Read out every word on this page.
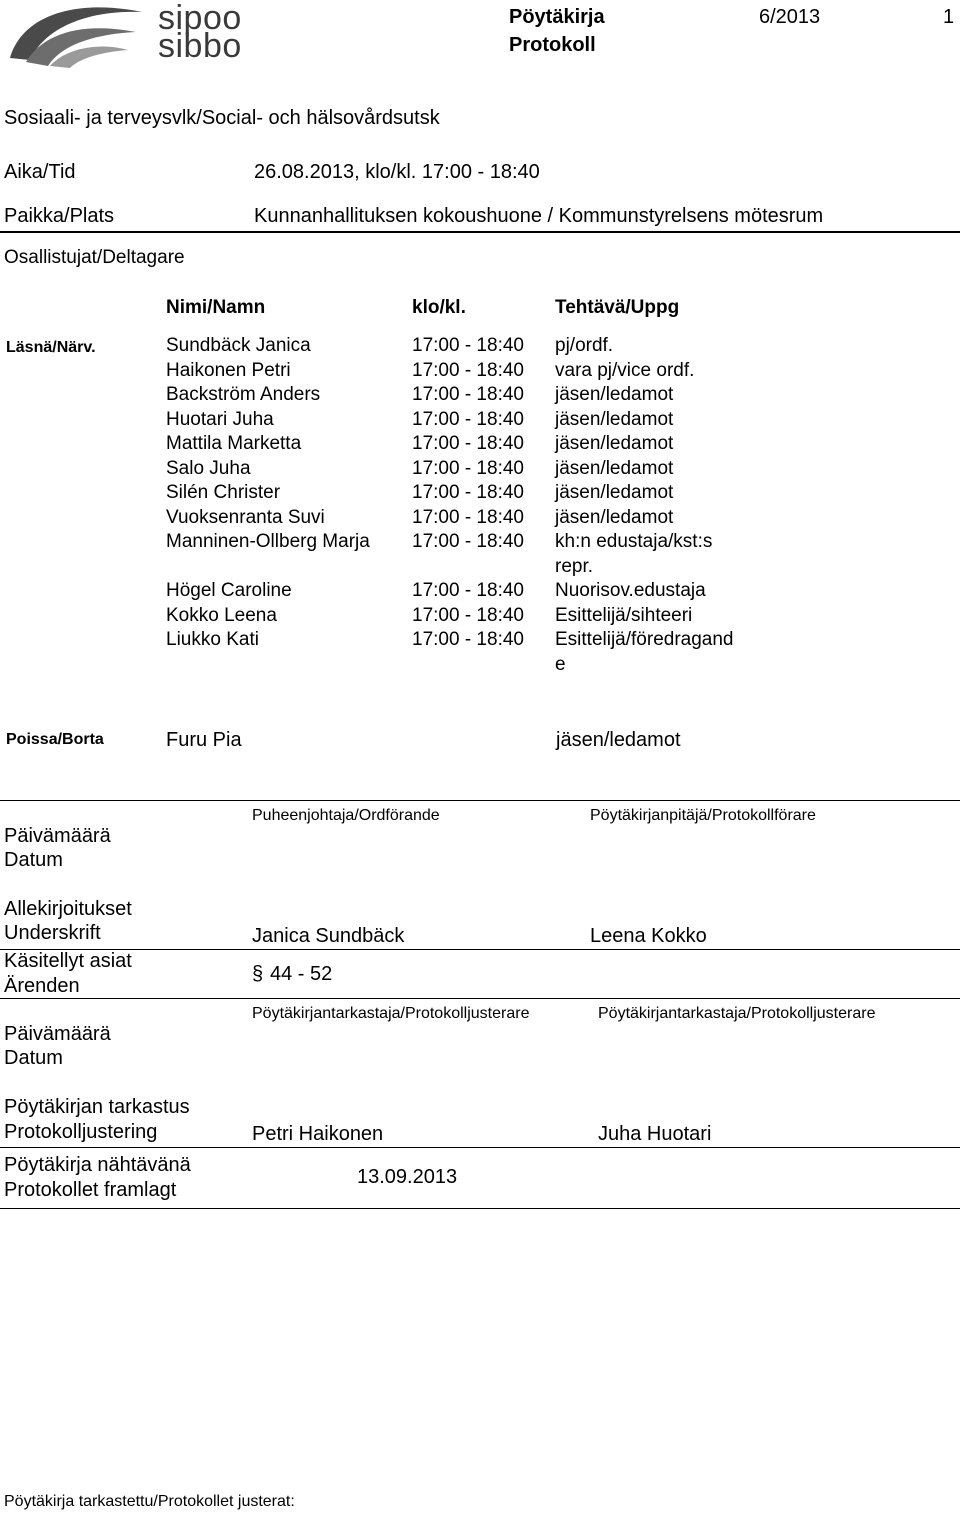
sipoo
sibbo
Pöytäkirja
Protokoll
6/2013	1
Sosiaali- ja terveysvlk/Social- och hälsovårdsutsk
Aika/Tid	26.08.2013, klo/kl. 17:00 - 18:40
Paikka/Plats	Kunnanhallituksen kokoushuone / Kommunstyrelsens mötesrum
Osallistujat/Deltagare
Nimi/Namn	klo/kl.	Tehtävä/Uppg
Läsnä/Närv.	Sundbäck Janica	17:00 - 18:40 pj/ordf.
Haikonen Petri	17:00 - 18:40 vara pj/vice ordf.
Backström Anders	17:00 - 18:40 jäsen/ledamot
Huotari Juha	17:00 - 18:40 jäsen/ledamot
Mattila Marketta	17:00 - 18:40 jäsen/ledamot
Salo Juha	17:00 - 18:40 jäsen/ledamot
Silén Christer	17:00 - 18:40 jäsen/ledamot
Vuoksenranta Suvi	17:00 - 18:40 jäsen/ledamot
Manninen-Ollberg Marja 17:00 - 18:40 kh:n edustaja/kst:s
repr.
Högel Caroline	17:00 - 18:40 Nuorisov.edustaja
Kokko Leena	17:00 - 18:40 Esittelijä/sihteeri
Liukko Kati	17:00 - 18:40 Esittelijä/föredragand
e
Poissa/Borta	Furu Pia	jäsen/ledamot
Puheenjohtaja/Ordförande	Pöytäkirjanpitäjä/Protokollförare
Päivämäärä
Datum
Allekirjoitukset
Underskrift	Janica Sundbäck	Leena Kokko
Käsitellyt asiat
Ärenden
§ 44 - 52
Pöytäkirjantarkastaja/Protokolljusterare	Pöytäkirjantarkastaja/Protokolljusterare
Päivämäärä
Datum
Pöytäkirjan tarkastus
Protokolljustering	Petri Haikonen	Juha Huotari
Pöytäkirja nähtävänä
Protokollet framlagt
13.09.2013
Pöytäkirja tarkastettu/Protokollet justerat:
